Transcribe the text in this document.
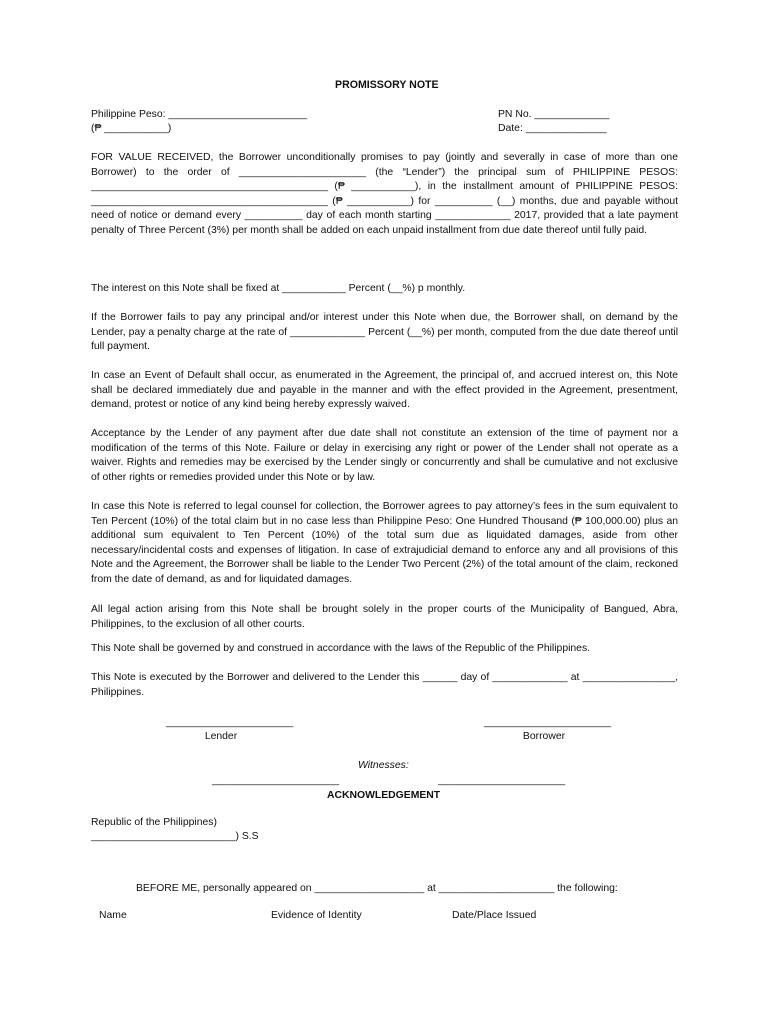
PROMISSORY NOTE
Philippine Peso: ________________________
(₱ ___________)
PN No. _____________
Date: ______________
FOR VALUE RECEIVED, the Borrower unconditionally promises to pay (jointly and severally in case of more than one Borrower) to the order of ______________________ (the “Lender”) the principal sum of PHILIPPINE PESOS: _________________________________________ (₱ ___________), in the installment amount of PHILIPPINE PESOS: _________________________________________ (₱ ___________) for __________ (__) months, due and payable without need of notice or demand every __________ day of each month starting _____________ 2017, provided that a late payment penalty of Three Percent (3%) per month shall be added on each unpaid installment from due date thereof until fully paid.
The interest on this Note shall be fixed at ___________ Percent (__%) p monthly.
If the Borrower fails to pay any principal and/or interest under this Note when due, the Borrower shall, on demand by the Lender, pay a penalty charge at the rate of _____________ Percent (__%) per month, computed from the due date thereof until full payment.
In case an Event of Default shall occur, as enumerated in the Agreement, the principal of, and accrued interest on, this Note shall be declared immediately due and payable in the manner and with the effect provided in the Agreement, presentment, demand, protest or notice of any kind being hereby expressly waived.
Acceptance by the Lender of any payment after due date shall not constitute an extension of the time of payment nor a modification of the terms of this Note. Failure or delay in exercising any right or power of the Lender shall not operate as a waiver. Rights and remedies may be exercised by the Lender singly or concurrently and shall be cumulative and not exclusive of other rights or remedies provided under this Note or by law.
In case this Note is referred to legal counsel for collection, the Borrower agrees to pay attorney’s fees in the sum equivalent to Ten Percent (10%) of the total claim but in no case less than Philippine Peso: One Hundred Thousand (₱ 100,000.00) plus an additional sum equivalent to Ten Percent (10%) of the total sum due as liquidated damages, aside from other necessary/incidental costs and expenses of litigation. In case of extrajudicial demand to enforce any and all provisions of this Note and the Agreement, the Borrower shall be liable to the Lender Two Percent (2%) of the total amount of the claim, reckoned from the date of demand, as and for liquidated damages.
All legal action arising from this Note shall be brought solely in the proper courts of the Municipality of Bangued, Abra, Philippines, to the exclusion of all other courts.
This Note shall be governed by and construed in accordance with the laws of the Republic of the Philippines.
This Note is executed by the Borrower and delivered to the Lender this ______ day of _____________ at ________________, Philippines.
______________________
Lender
______________________
Borrower
Witnesses:
______________________	______________________
ACKNOWLEDGEMENT
Republic of the Philippines)
_________________________) S.S
BEFORE ME, personally appeared on ___________________ at ____________________ the following:
Name	Evidence of Identity	Date/Place Issued
